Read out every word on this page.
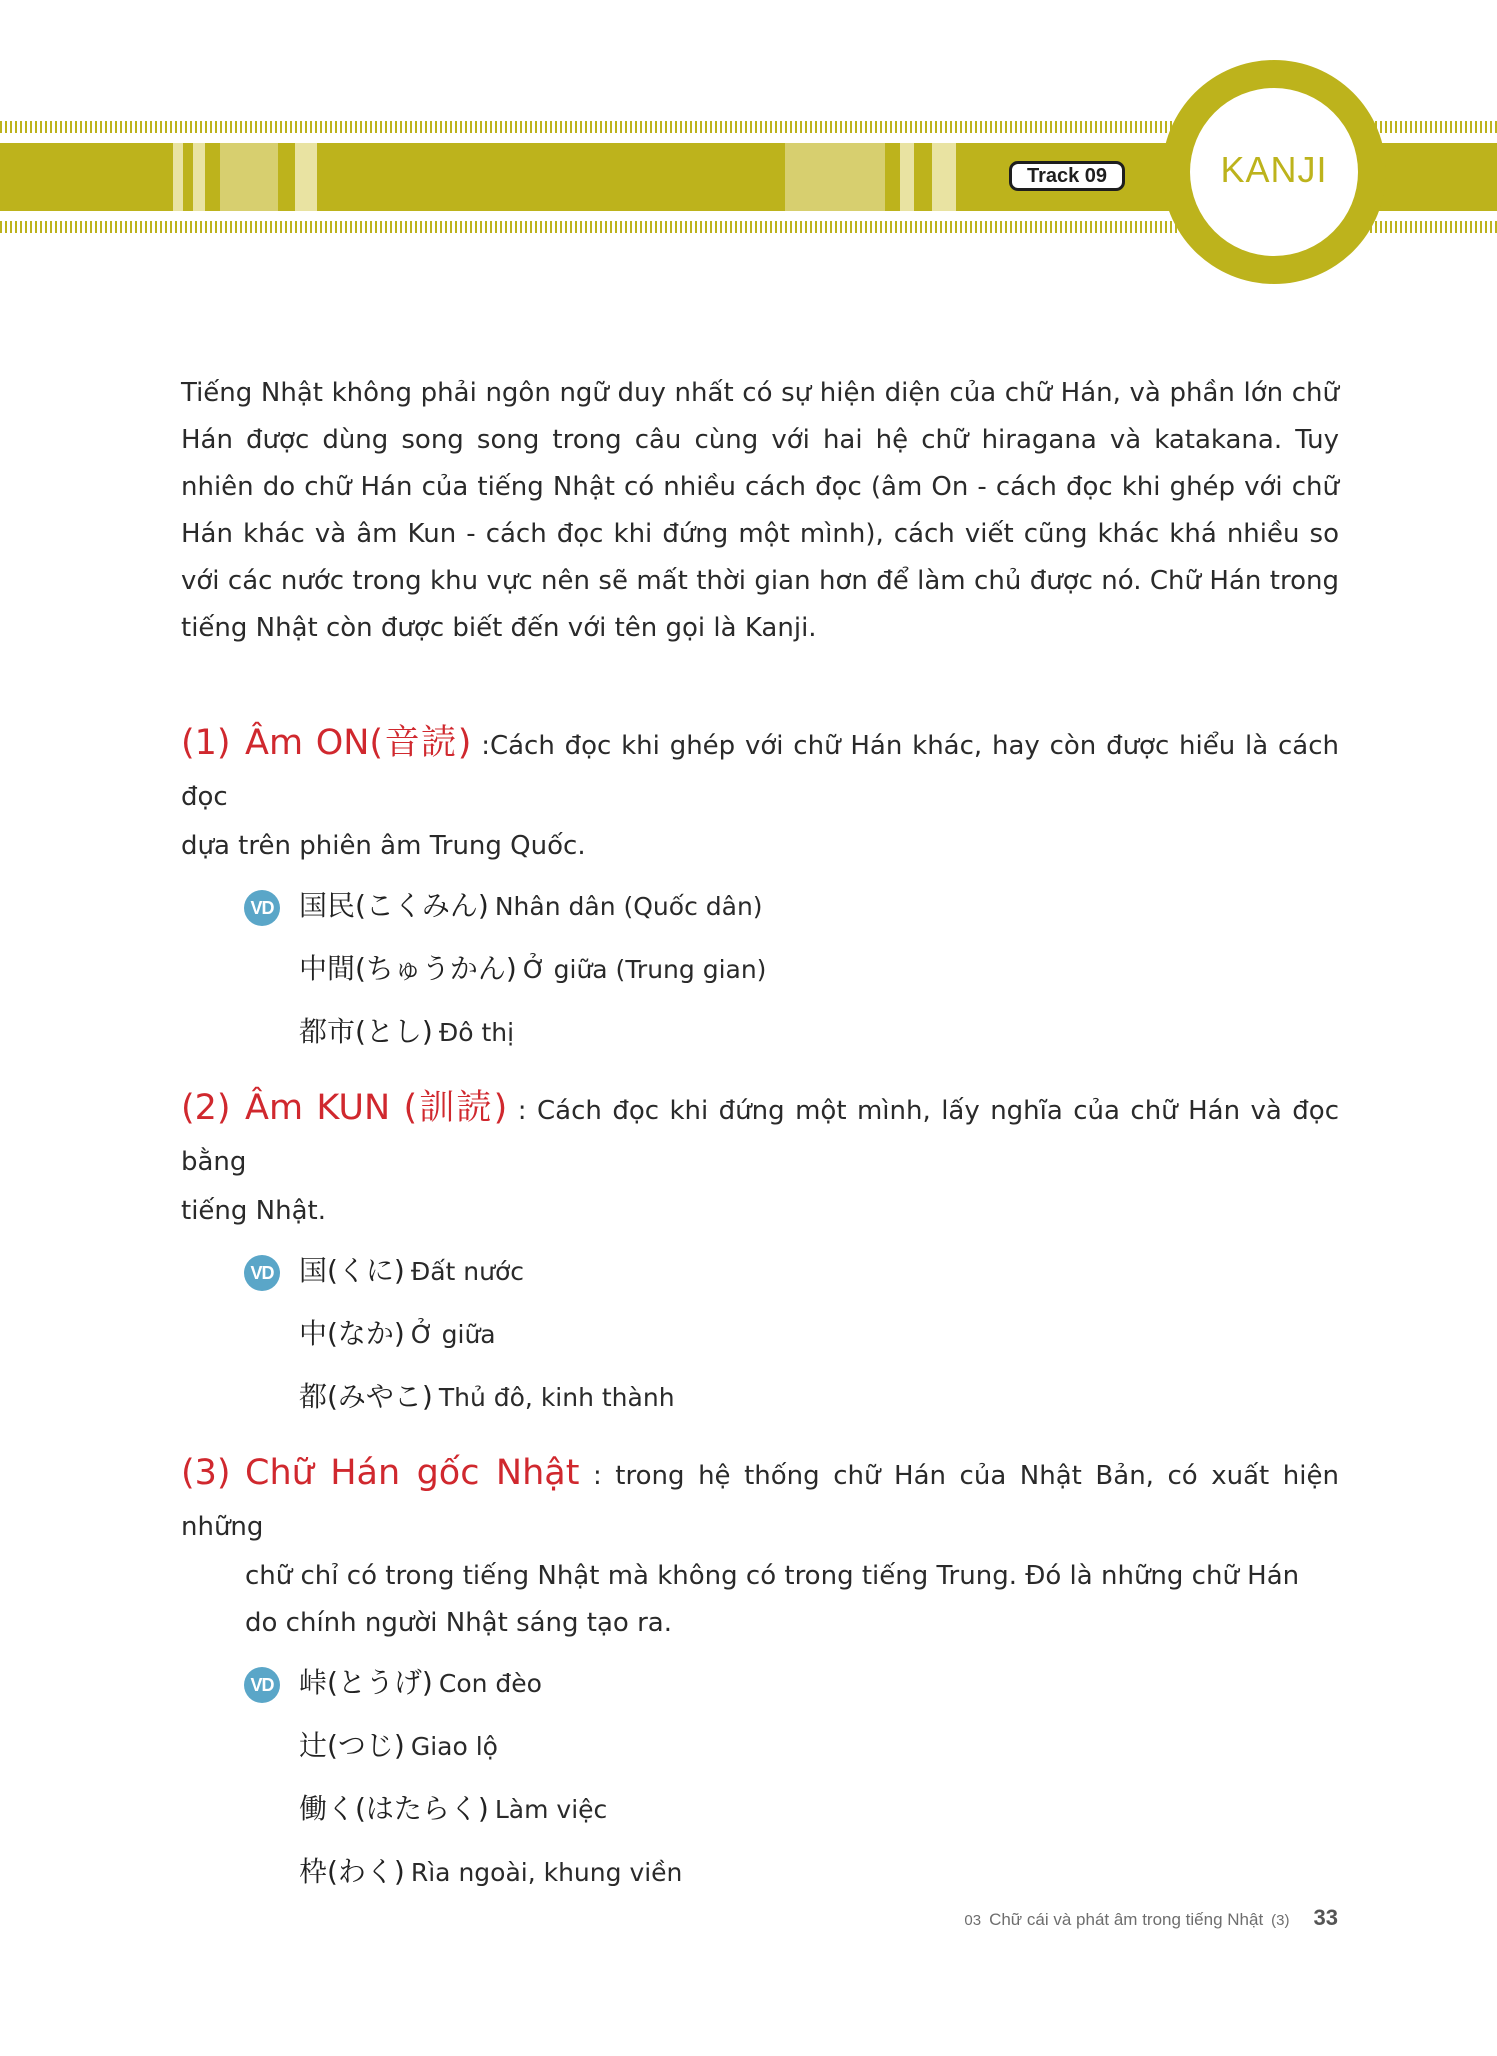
Track 09	KANJI

Tiếng Nhật không phải ngôn ngữ duy nhất có sự hiện diện của chữ Hán, và phần lớn chữ Hán được dùng song song trong câu cùng với hai hệ chữ hiragana và katakana. Tuy nhiên do chữ Hán của tiếng Nhật có nhiều cách đọc (âm On - cách đọc khi ghép với chữ Hán khác và âm Kun - cách đọc khi đứng một mình), cách viết cũng khác khá nhiều so với các nước trong khu vực nên sẽ mất thời gian hơn để làm chủ được nó. Chữ Hán trong tiếng Nhật còn được biết đến với tên gọi là Kanji.

(1) Âm ON(音読) :Cách đọc khi ghép với chữ Hán khác, hay còn được hiểu là cách đọc

dựa trên phiên âm Trung Quốc.

VD 国民(こくみん) Nhân dân (Quốc dân)
中間(ちゅうかん) Ở giữa (Trung gian)
都市(とし) Đô thị

(2) Âm KUN (訓読) : Cách đọc khi đứng một mình, lấy nghĩa của chữ Hán và đọc bằng

tiếng Nhật.

VD 国(くに) Đất nước
中(なか) Ở giữa
都(みやこ) Thủ đô, kinh thành

(3) Chữ Hán gốc Nhật : trong hệ thống chữ Hán của Nhật Bản, có xuất hiện những

chữ chỉ có trong tiếng Nhật mà không có trong tiếng Trung. Đó là những chữ Hán do chính người Nhật sáng tạo ra.

VD 峠(とうげ) Con đèo
辻(つじ) Giao lộ
働く(はたらく) Làm việc
枠(わく) Rìa ngoài, khung viền
03 Chữ cái và phát âm trong tiếng Nhật (3) 33
